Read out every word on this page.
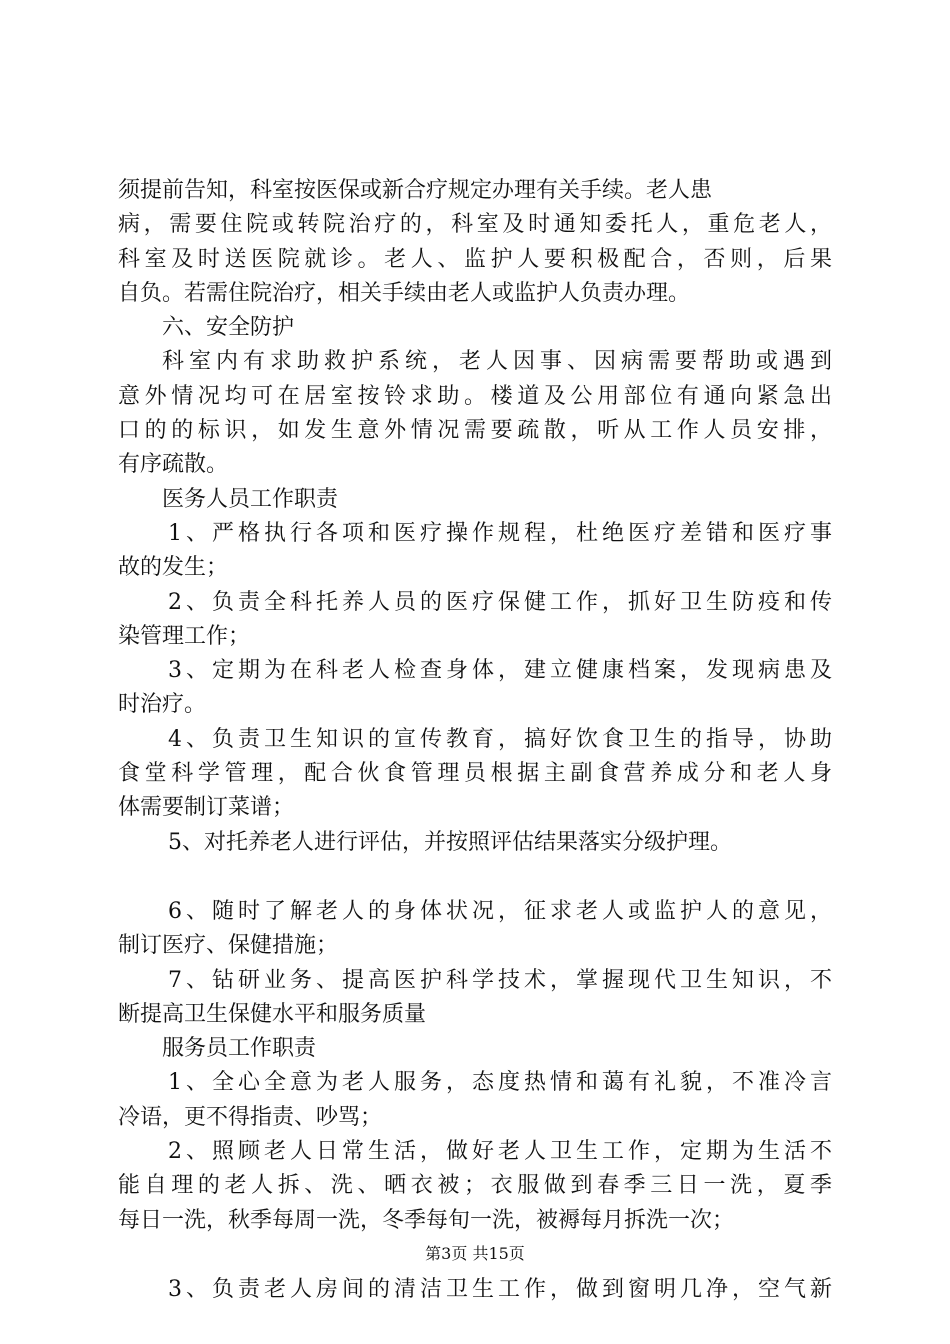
须提前告知，科室按医保或新合疗规定办理有关手续。老人患
病，需要住院或转院治疗的，科室及时通知委托人，重危老人，
科室及时送医院就诊。老人、监护人要积极配合，否则，后果
自负。若需住院治疗，相关手续由老人或监护人负责办理。
六、安全防护
科室内有求助救护系统，老人因事、因病需要帮助或遇到
意外情况均可在居室按铃求助。楼道及公用部位有通向紧急出
口的的标识，如发生意外情况需要疏散，听从工作人员安排，
有序疏散。
医务人员工作职责
1、严格执行各项和医疗操作规程，杜绝医疗差错和医疗事
故的发生；
2、负责全科托养人员的医疗保健工作，抓好卫生防疫和传
染管理工作；
3、定期为在科老人检查身体，建立健康档案，发现病患及
时治疗。
4、负责卫生知识的宣传教育，搞好饮食卫生的指导，协助
食堂科学管理，配合伙食管理员根据主副食营养成分和老人身
体需要制订菜谱；
5、对托养老人进行评估，并按照评估结果落实分级护理。
6、随时了解老人的身体状况，征求老人或监护人的意见，
制订医疗、保健措施；
7、钻研业务、提高医护科学技术，掌握现代卫生知识，不
断提高卫生保健水平和服务质量
服务员工作职责
1、全心全意为老人服务，态度热情和蔼有礼貌，不准冷言
冷语，更不得指责、吵骂；
2、照顾老人日常生活，做好老人卫生工作，定期为生活不
能自理的老人拆、洗、晒衣被；衣服做到春季三日一洗，夏季
每日一洗，秋季每周一洗，冬季每旬一洗，被褥每月拆洗一次；
3、负责老人房间的清洁卫生工作，做到窗明几净，空气新
第3页 共15页
